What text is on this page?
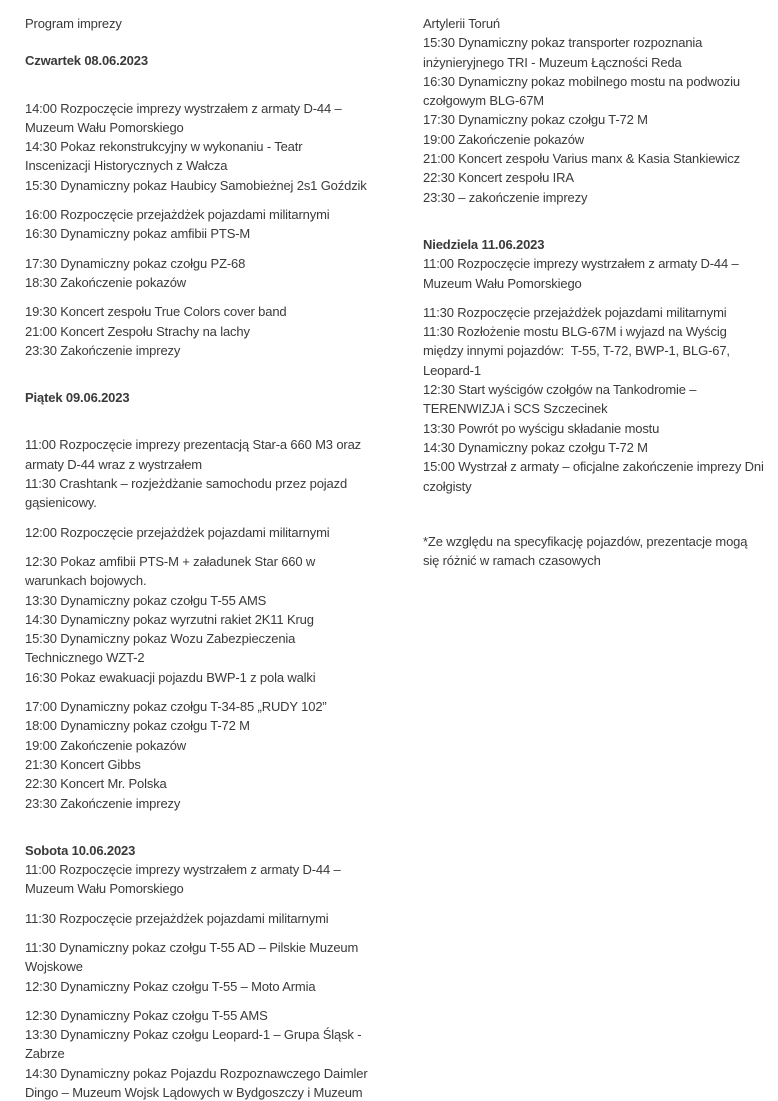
Program imprezy
Czwartek 08.06.2023
14:00 Rozpoczęcie imprezy wystrzałem z armaty D-44 –
Muzeum Wału Pomorskiego
14:30 Pokaz rekonstrukcyjny w wykonaniu - Teatr
Inscenizacji Historycznych z Wałcza
15:30 Dynamiczny pokaz Haubicy Samobieżnej 2s1 Goździk
16:00 Rozpoczęcie przejażdżek pojazdami militarnymi
16:30 Dynamiczny pokaz amfibii PTS-M
17:30 Dynamiczny pokaz czołgu PZ-68
18:30 Zakończenie pokazów
19:30 Koncert zespołu True Colors cover band
21:00 Koncert Zespołu Strachy na lachy
23:30 Zakończenie imprezy
Piątek 09.06.2023
11:00 Rozpoczęcie imprezy prezentacją Star-a 660 M3 oraz
armaty D-44 wraz z wystrzałem
11:30 Crashtank – rozjeżdżanie samochodu przez pojazd
gąsienicowy.
12:00 Rozpoczęcie przejażdżek pojazdami militarnymi
12:30 Pokaz amfibii PTS-M + załadunek Star 660 w
warunkach bojowych.
13:30 Dynamiczny pokaz czołgu T-55 AMS
14:30 Dynamiczny pokaz wyrzutni rakiet 2K11 Krug
15:30 Dynamiczny pokaz Wozu Zabezpieczenia
Technicznego WZT-2
16:30 Pokaz ewakuacji pojazdu BWP-1 z pola walki
17:00 Dynamiczny pokaz czołgu T-34-85 „RUDY 102”
18:00 Dynamiczny pokaz czołgu T-72 M
19:00 Zakończenie pokazów
21:30 Koncert Gibbs
22:30 Koncert Mr. Polska
23:30 Zakończenie imprezy
Sobota 10.06.2023
11:00 Rozpoczęcie imprezy wystrzałem z armaty D-44 –
Muzeum Wału Pomorskiego
11:30 Rozpoczęcie przejażdżek pojazdami militarnymi
11:30 Dynamiczny pokaz czołgu T-55 AD – Pilskie Muzeum
Wojskowe
12:30 Dynamiczny Pokaz czołgu T-55 – Moto Armia
12:30 Dynamiczny Pokaz czołgu T-55 AMS
13:30 Dynamiczny Pokaz czołgu Leopard-1 – Grupa Śląsk -
Zabrze
14:30 Dynamiczny pokaz Pojazdu Rozpoznawczego Daimler
Dingo – Muzeum Wojsk Lądowych w Bydgoszczy i Muzeum
Artylerii Toruń
15:30 Dynamiczny pokaz transporter rozpoznania
inżynieryjnego TRI - Muzeum Łączności Reda
16:30 Dynamiczny pokaz mobilnego mostu na podwoziu
czołgowym BLG-67M
17:30 Dynamiczny pokaz czołgu T-72 M
19:00 Zakończenie pokazów
21:00 Koncert zespołu Varius manx & Kasia Stankiewicz
22:30 Koncert zespołu IRA
23:30 – zakończenie imprezy
Niedziela 11.06.2023
11:00 Rozpoczęcie imprezy wystrzałem z armaty D-44 –
Muzeum Wału Pomorskiego
11:30 Rozpoczęcie przejażdżek pojazdami militarnymi
11:30 Rozłożenie mostu BLG-67M i wyjazd na Wyścig
między innymi pojazdów:  T-55, T-72, BWP-1, BLG-67,
Leopard-1
12:30 Start wyścigów czołgów na Tankodromie –
TERENWIZJA i SCS Szczecinek
13:30 Powrót po wyścigu składanie mostu
14:30 Dynamiczny pokaz czołgu T-72 M
15:00 Wystrzał z armaty – oficjalne zakończenie imprezy Dni
czołgisty
*Ze względu na specyfikację pojazdów, prezentacje mogą
się różnić w ramach czasowych
